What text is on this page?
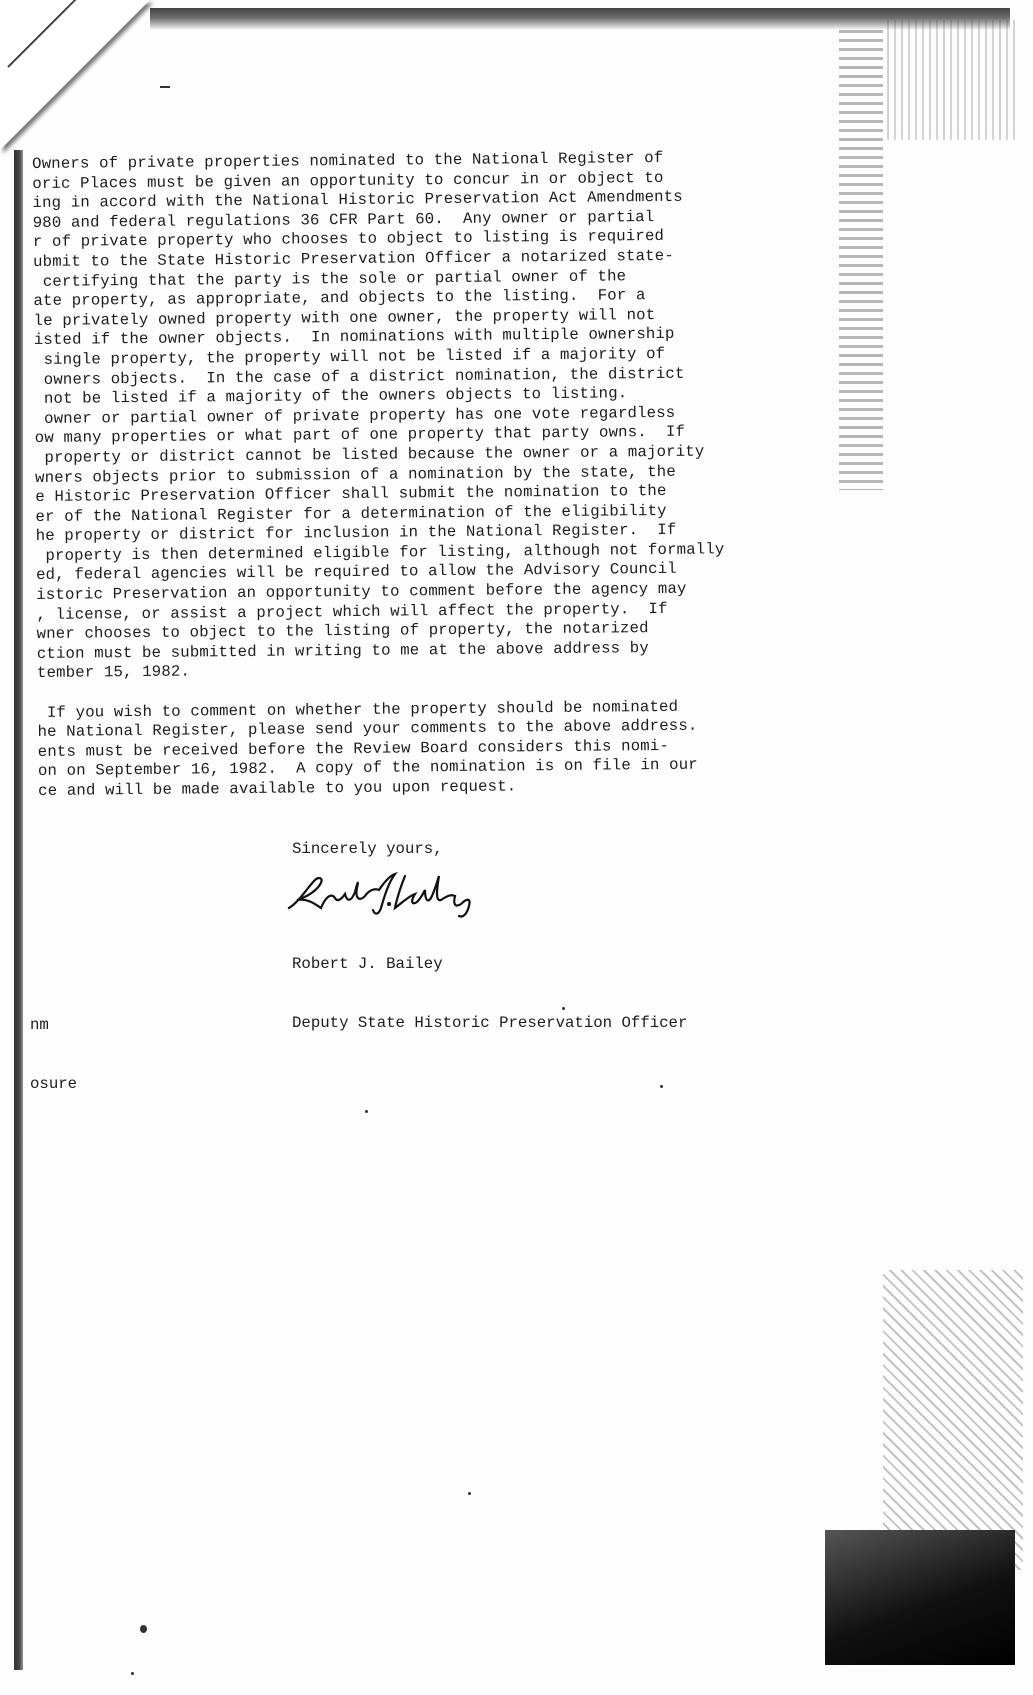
Owners of private properties nominated to the National Register of
oric Places must be given an opportunity to concur in or object to
ing in accord with the National Historic Preservation Act Amendments
980 and federal regulations 36 CFR Part 60.  Any owner or partial
r of private property who chooses to object to listing is required
ubmit to the State Historic Preservation Officer a notarized state-
certifying that the party is the sole or partial owner of the
ate property, as appropriate, and objects to the listing.  For a
le privately owned property with one owner, the property will not
isted if the owner objects.  In nominations with multiple ownership
single property, the property will not be listed if a majority of
owners objects.  In the case of a district nomination, the district
not be listed if a majority of the owners objects to listing.
owner or partial owner of private property has one vote regardless
ow many properties or what part of one property that party owns.  If
property or district cannot be listed because the owner or a majority
wners objects prior to submission of a nomination by the state, the
e Historic Preservation Officer shall submit the nomination to the
er of the National Register for a determination of the eligibility
he property or district for inclusion in the National Register.  If
property is then determined eligible for listing, although not formally
ed, federal agencies will be required to allow the Advisory Council
istoric Preservation an opportunity to comment before the agency may
, license, or assist a project which will affect the property.  If
wner chooses to object to the listing of property, the notarized
ction must be submitted in writing to me at the above address by
tember 15, 1982.
If you wish to comment on whether the property should be nominated
he National Register, please send your comments to the above address.
ents must be received before the Review Board considers this nomi-
on on September 16, 1982.  A copy of the nomination is on file in our
ce and will be made available to you upon request.
Sincerely yours,

Robert J. Bailey

Deputy State Historic Preservation Officer

nm

osure
